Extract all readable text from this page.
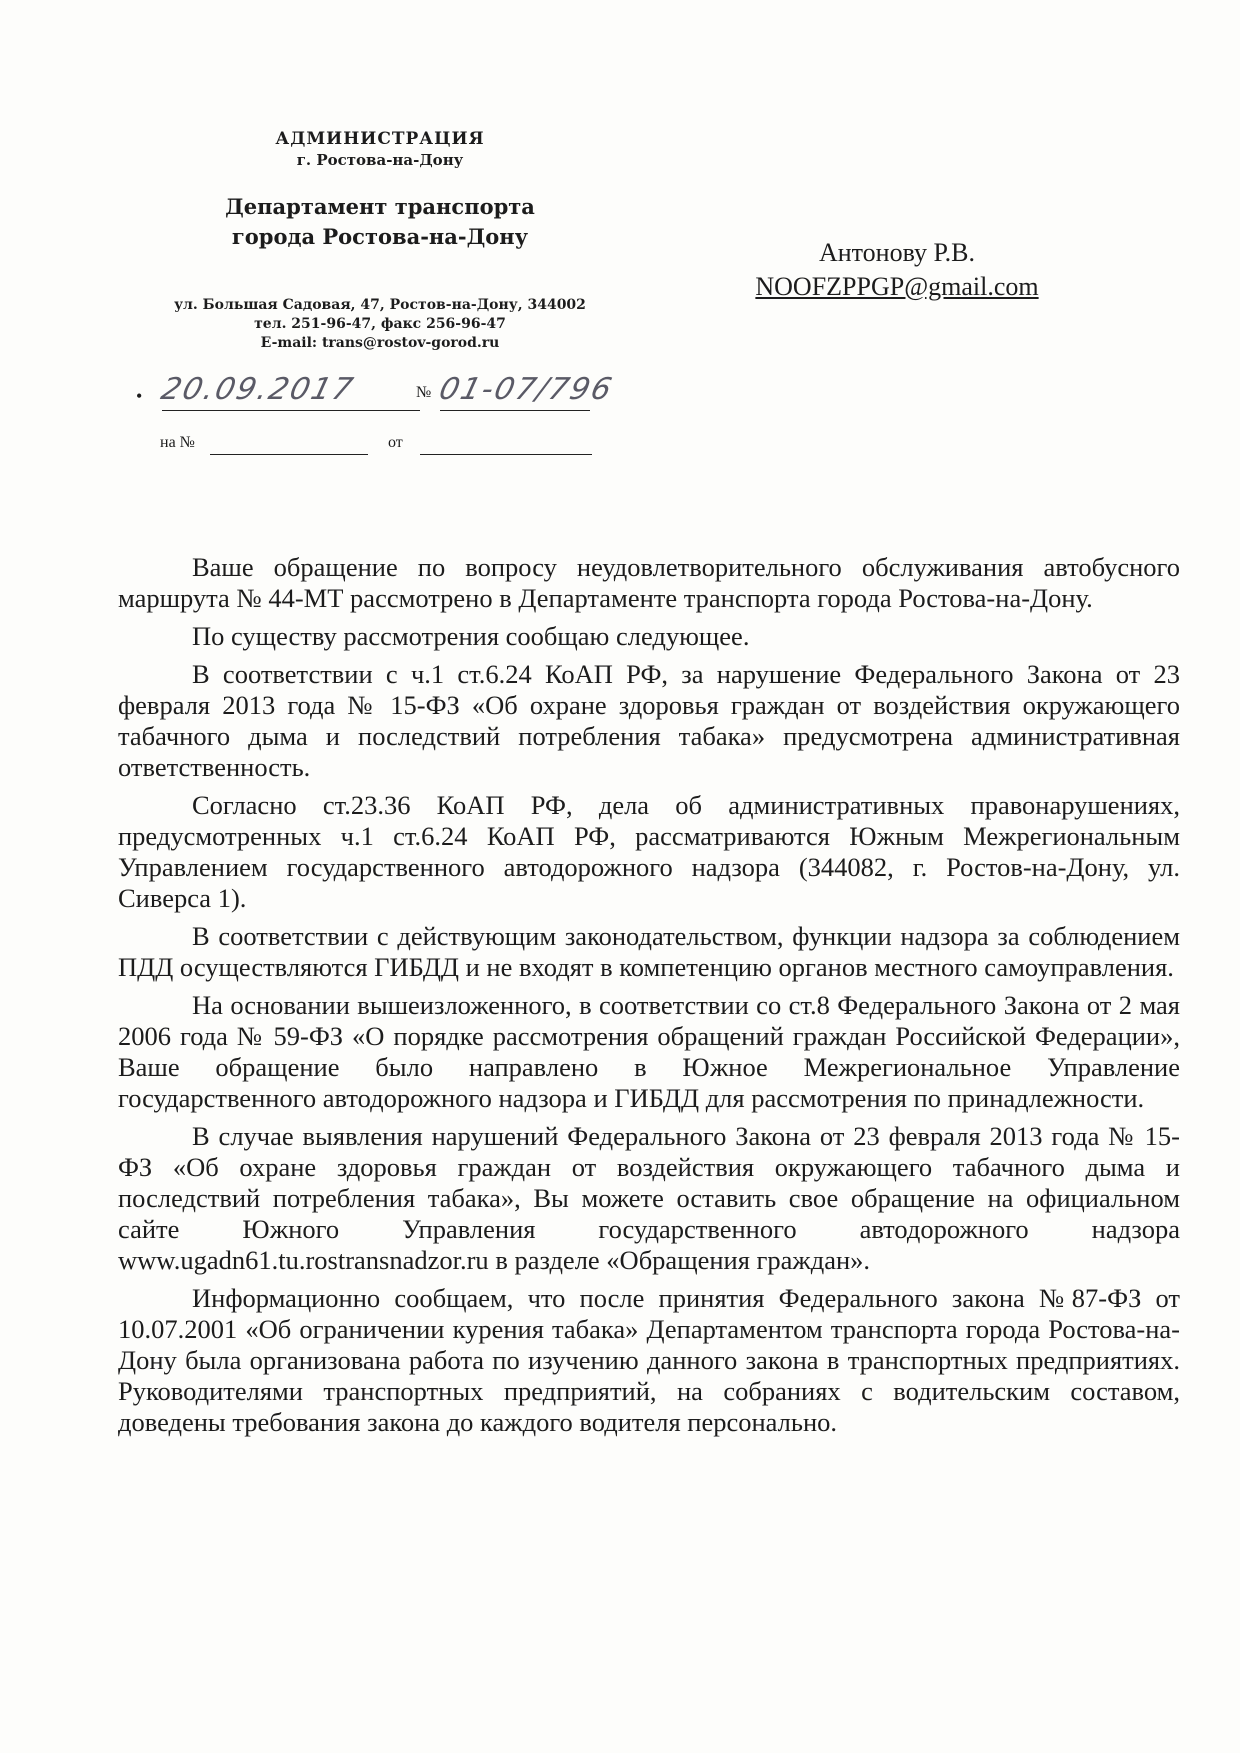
АДМИНИСТРАЦИЯ
г. Ростова-на-Дону
Департамент транспорта
города Ростова-на-Дону
ул. Большая Садовая, 47, Ростов-на-Дону, 344002
тел. 251-96-47, факс 256-96-47
E-mail: trans@rostov-gorod.ru
• 20.09.2017	№ 01-07/796
на №	от
Антонову Р.В.
NOOFZPPGP@gmail.com

Ваше обращение по вопросу неудовлетворительного обслуживания автобусного маршрута № 44-МТ рассмотрено в Департаменте транспорта города Ростова-на-Дону.

По существу рассмотрения сообщаю следующее.

В соответствии с ч.1 ст.6.24 КоАП РФ, за нарушение Федерального Закона от 23 февраля 2013 года № 15-ФЗ «Об охране здоровья граждан от воздействия окружающего табачного дыма и последствий потребления табака» предусмотрена административная ответственность.

Согласно ст.23.36 КоАП РФ, дела об административных правонарушениях, предусмотренных ч.1 ст.6.24 КоАП РФ, рассматриваются Южным Межрегиональным Управлением государственного автодорожного надзора (344082, г. Ростов-на-Дону, ул. Сиверса 1).

В соответствии с действующим законодательством, функции надзора за соблюдением ПДД осуществляются ГИБДД и не входят в компетенцию органов местного самоуправления.

На основании вышеизложенного, в соответствии со ст.8 Федерального Закона от 2 мая 2006 года № 59-ФЗ «О порядке рассмотрения обращений граждан Российской Федерации», Ваше обращение было направлено в Южное Межрегиональное Управление государственного автодорожного надзора и ГИБДД для рассмотрения по принадлежности.

В случае выявления нарушений Федерального Закона от 23 февраля 2013 года № 15-ФЗ «Об охране здоровья граждан от воздействия окружающего табачного дыма и последствий потребления табака», Вы можете оставить свое обращение на официальном сайте Южного Управления государственного автодорожного надзора www.ugadn61.tu.rostransnadzor.ru в разделе «Обращения граждан».

Информационно сообщаем, что после принятия Федерального закона №87-ФЗ от 10.07.2001 «Об ограничении курения табака» Департаментом транспорта города Ростова-на-Дону была организована работа по изучению данного закона в транспортных предприятиях. Руководителями транспортных предприятий, на собраниях с водительским составом, доведены требования закона до каждого водителя персонально.
